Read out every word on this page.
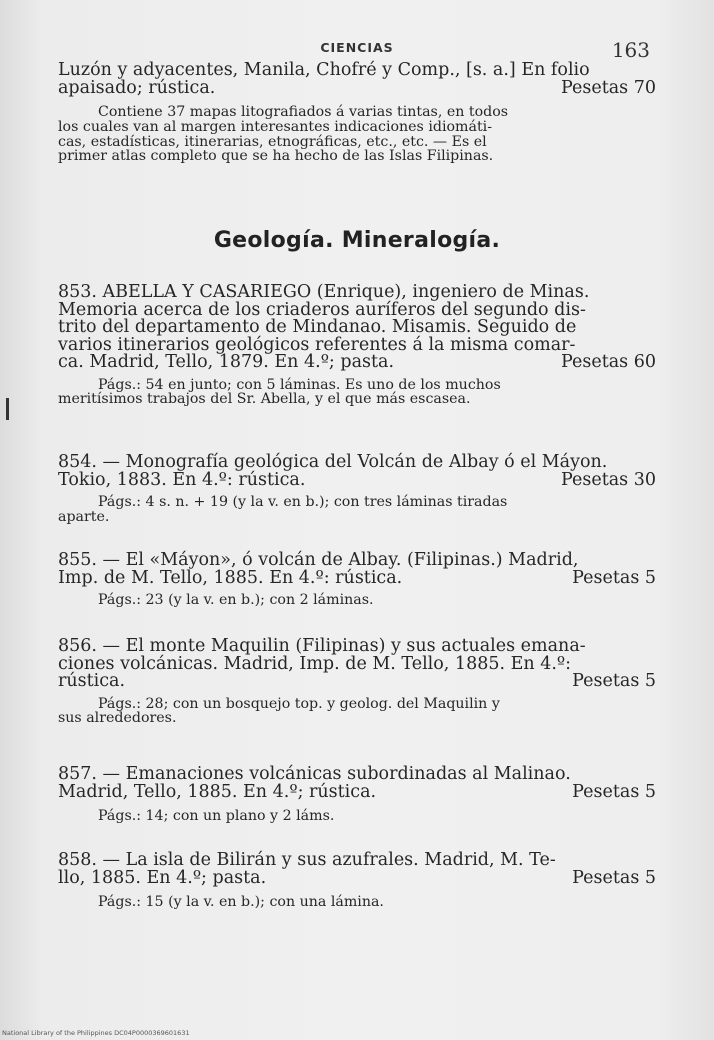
CIENCIAS	163
Luzón y adyacentes, Manila, Chofré y Comp., [s. a.] En folio
apaisado; rústica.	Pesetas 70
Contiene 37 mapas litografiados á varias tintas, en todos
los cuales van al margen interesantes indicaciones idiomáti-
cas, estadísticas, itinerarias, etnográficas, etc., etc. — Es el
primer atlas completo que se ha hecho de las Islas Filipinas.
Geología. Mineralogía.
853. ABELLA Y CASARIEGO (Enrique), ingeniero de Minas.
Memoria acerca de los criaderos auríferos del segundo dis-
trito del departamento de Mindanao. Misamis. Seguido de
varios itinerarios geológicos referentes á la misma comar-
ca. Madrid, Tello, 1879. En 4.º; pasta.	Pesetas 60
Págs.: 54 en junto; con 5 láminas. Es uno de los muchos
meritísimos trabajos del Sr. Abella, y el que más escasea.
854. — Monografía geológica del Volcán de Albay ó el Máyon.
Tokio, 1883. En 4.º: rústica.	Pesetas 30
Págs.: 4 s. n. + 19 (y la v. en b.); con tres láminas tiradas
aparte.
855. — El «Máyon», ó volcán de Albay. (Filipinas.) Madrid,
Imp. de M. Tello, 1885. En 4.º: rústica.	Pesetas 5
Págs.: 23 (y la v. en b.); con 2 láminas.
856. — El monte Maquilin (Filipinas) y sus actuales emana-
ciones volcánicas. Madrid, Imp. de M. Tello, 1885. En 4.º:
rústica.	Pesetas 5
Págs.: 28; con un bosquejo top. y geolog. del Maquilin y
sus alrededores.
857. — Emanaciones volcánicas subordinadas al Malinao.
Madrid, Tello, 1885. En 4.º; rústica.	Pesetas 5
Págs.: 14; con un plano y 2 láms.
858. — La isla de Bilirán y sus azufrales. Madrid, M. Te-
llo, 1885. En 4.º; pasta.	Pesetas 5
Págs.: 15 (y la v. en b.); con una lámina.
National Library of the Philippines DC04P0000369601631
